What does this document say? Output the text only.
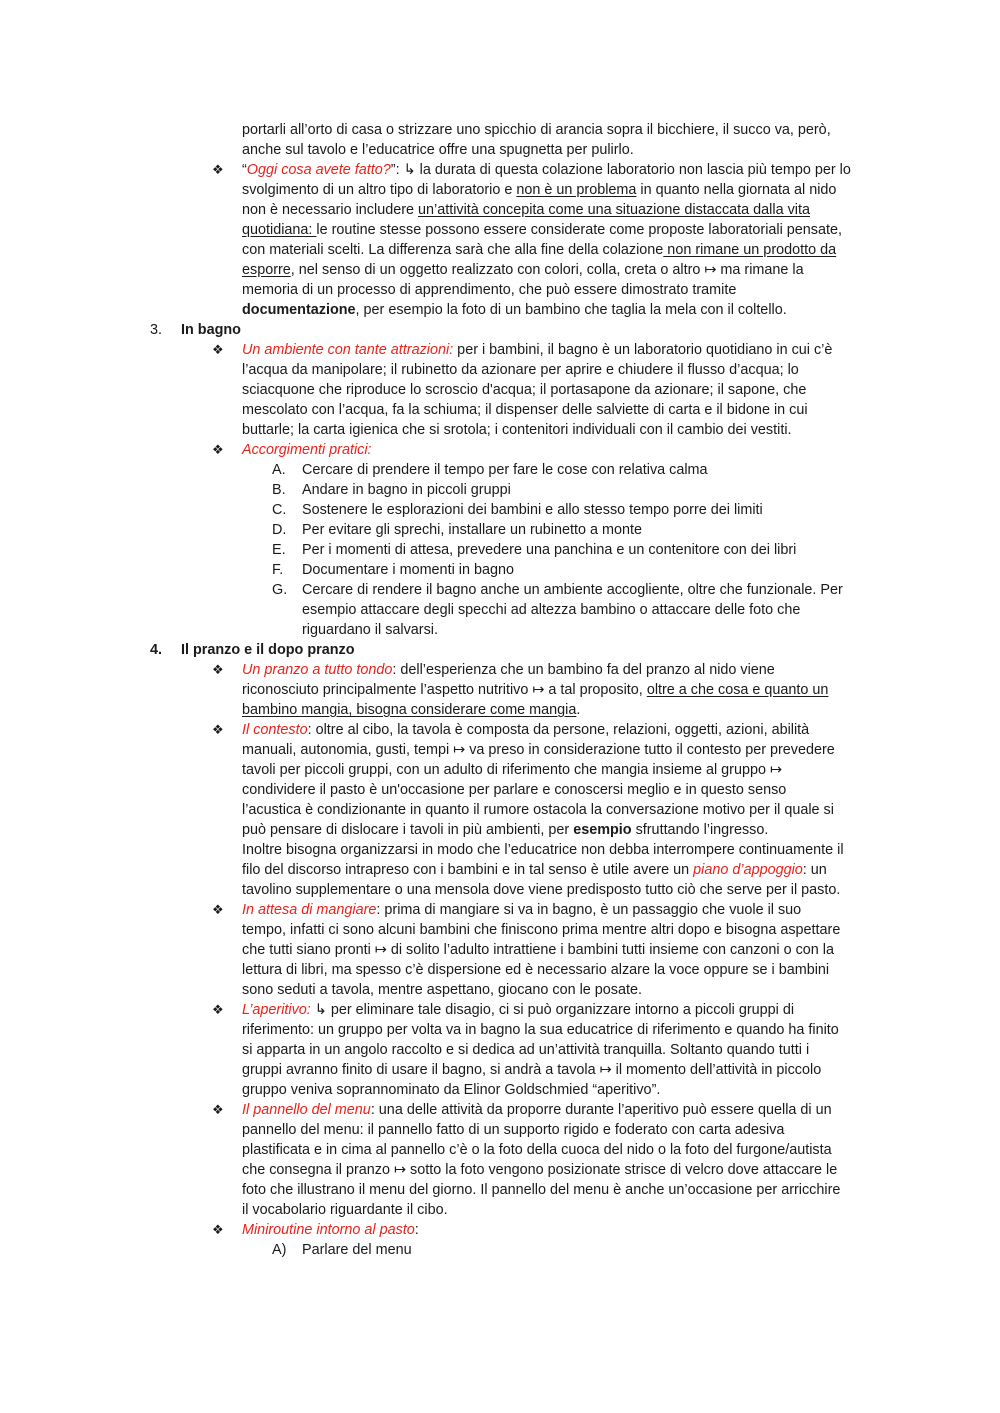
portarli all’orto di casa o strizzare uno spicchio di arancia sopra il bicchiere, il succo va, però,
anche sul tavolo e l’educatrice offre una spugnetta per pulirlo.
❖	“Oggi cosa avete fatto?”: ↳ la durata di questa colazione laboratorio non lascia più tempo per lo
svolgimento di un altro tipo di laboratorio e non è un problema in quanto nella giornata al nido
non è necessario includere un’attività concepita come una situazione distaccata dalla vita
quotidiana: le routine stesse possono essere considerate come proposte laboratoriali pensate,
con materiali scelti. La differenza sarà che alla fine della colazione non rimane un prodotto da
esporre, nel senso di un oggetto realizzato con colori, colla, creta o altro ↦ ma rimane la
memoria di un processo di apprendimento, che può essere dimostrato tramite
documentazione, per esempio la foto di un bambino che taglia la mela con il coltello.
3. In bagno
❖	Un ambiente con tante attrazioni: per i bambini, il bagno è un laboratorio quotidiano in cui c’è
l’acqua da manipolare; il rubinetto da azionare per aprire e chiudere il flusso d’acqua; lo
sciacquone che riproduce lo scroscio d'acqua; il portasapone da azionare; il sapone, che
mescolato con l’acqua, fa la schiuma; il dispenser delle salviette di carta e il bidone in cui
buttarle; la carta igienica che si srotola; i contenitori individuali con il cambio dei vestiti.
❖	Accorgimenti pratici:
A. Cercare di prendere il tempo per fare le cose con relativa calma
B. Andare in bagno in piccoli gruppi
C. Sostenere le esplorazioni dei bambini e allo stesso tempo porre dei limiti
D. Per evitare gli sprechi, installare un rubinetto a monte
E. Per i momenti di attesa, prevedere una panchina e un contenitore con dei libri
F. Documentare i momenti in bagno
G. Cercare di rendere il bagno anche un ambiente accogliente, oltre che funzionale. Per
esempio attaccare degli specchi ad altezza bambino o attaccare delle foto che
riguardano il salvarsi.
4. Il pranzo e il dopo pranzo
❖	Un pranzo a tutto tondo: dell’esperienza che un bambino fa del pranzo al nido viene
riconosciuto principalmente l’aspetto nutritivo ↦ a tal proposito, oltre a che cosa e quanto un
bambino mangia, bisogna considerare come mangia.
❖	Il contesto: oltre al cibo, la tavola è composta da persone, relazioni, oggetti, azioni, abilità
manuali, autonomia, gusti, tempi ↦ va preso in considerazione tutto il contesto per prevedere
tavoli per piccoli gruppi, con un adulto di riferimento che mangia insieme al gruppo ↦
condividere il pasto è un'occasione per parlare e conoscersi meglio e in questo senso
l’acustica è condizionante in quanto il rumore ostacola la conversazione motivo per il quale si
può pensare di dislocare i tavoli in più ambienti, per esempio sfruttando l’ingresso.
Inoltre bisogna organizzarsi in modo che l’educatrice non debba interrompere continuamente il
filo del discorso intrapreso con i bambini e in tal senso è utile avere un piano d’appoggio: un
tavolino supplementare o una mensola dove viene predisposto tutto ciò che serve per il pasto.
❖	In attesa di mangiare: prima di mangiare si va in bagno, è un passaggio che vuole il suo
tempo, infatti ci sono alcuni bambini che finiscono prima mentre altri dopo e bisogna aspettare
che tutti siano pronti ↦ di solito l’adulto intrattiene i bambini tutti insieme con canzoni o con la
lettura di libri, ma spesso c’è dispersione ed è necessario alzare la voce oppure se i bambini
sono seduti a tavola, mentre aspettano, giocano con le posate.
❖	L’aperitivo: ↳ per eliminare tale disagio, ci si può organizzare intorno a piccoli gruppi di
riferimento: un gruppo per volta va in bagno la sua educatrice di riferimento e quando ha finito
si apparta in un angolo raccolto e si dedica ad un’attività tranquilla. Soltanto quando tutti i
gruppi avranno finito di usare il bagno, si andrà a tavola ↦ il momento dell’attività in piccolo
gruppo veniva soprannominato da Elinor Goldschmied “aperitivo”.
❖	Il pannello del menu: una delle attività da proporre durante l’aperitivo può essere quella di un
pannello del menu: il pannello fatto di un supporto rigido e foderato con carta adesiva
plastificata e in cima al pannello c’è o la foto della cuoca del nido o la foto del furgone/autista
che consegna il pranzo ↦ sotto la foto vengono posizionate strisce di velcro dove attaccare le
foto che illustrano il menu del giorno. Il pannello del menu è anche un’occasione per arricchire
il vocabolario riguardante il cibo.
❖	Miniroutine intorno al pasto:
A) Parlare del menu
